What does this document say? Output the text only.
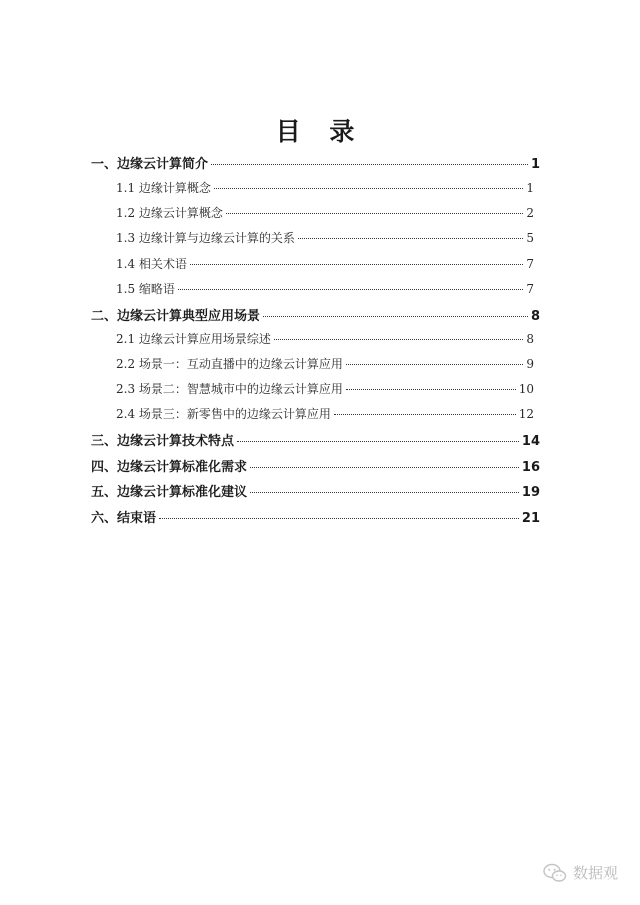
目 录
一、边缘云计算简介	1
1.1 边缘计算概念	1
1.2 边缘云计算概念	2
1.3 边缘计算与边缘云计算的关系	5
1.4 相关术语	7
1.5 缩略语	7
二、边缘云计算典型应用场景	8
2.1 边缘云计算应用场景综述	8
2.2 场景一：互动直播中的边缘云计算应用	9
2.3 场景二：智慧城市中的边缘云计算应用	10
2.4 场景三：新零售中的边缘云计算应用	12
三、边缘云计算技术特点	14
四、边缘云计算标准化需求	16
五、边缘云计算标准化建议	19
六、结束语	21
数据观
